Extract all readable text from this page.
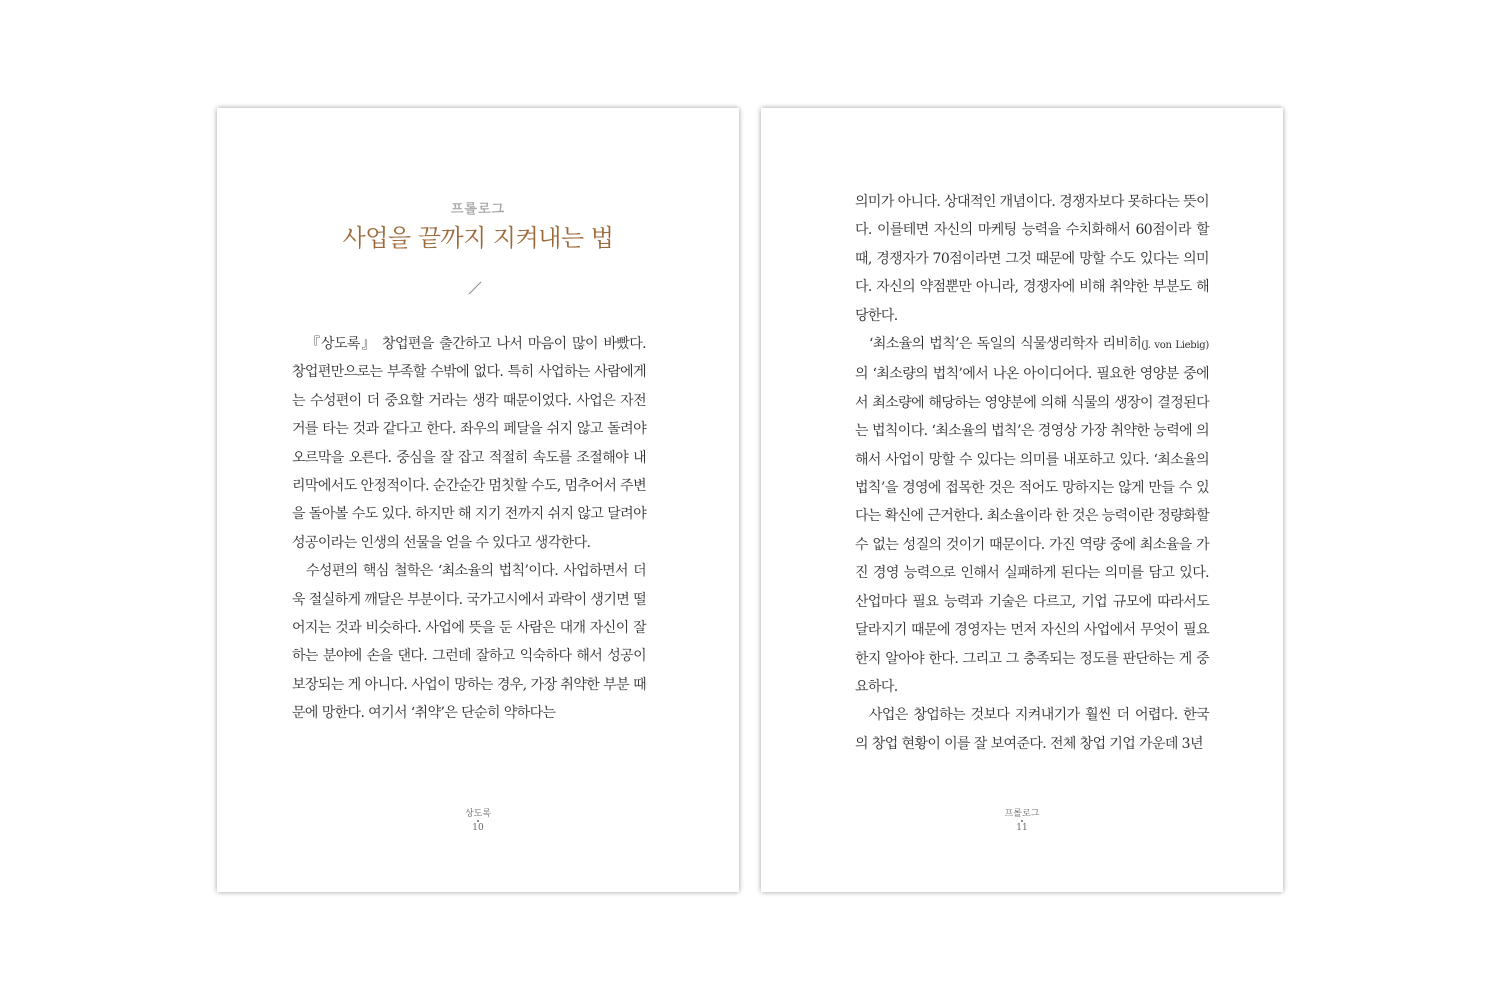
프롤로그
사업을 끝까지 지켜내는 법

『상도록』 창업편을 출간하고 나서 마음이 많이 바빴다. 창업편만으로는 부족할 수밖에 없다. 특히 사업하는 사람에게는 수성편이 더 중요할 거라는 생각 때문이었다. 사업은 자전거를 타는 것과 같다고 한다. 좌우의 페달을 쉬지 않고 돌려야 오르막을 오른다. 중심을 잘 잡고 적절히 속도를 조절해야 내리막에서도 안정적이다. 순간순간 멈칫할 수도, 멈추어서 주변을 돌아볼 수도 있다. 하지만 해 지기 전까지 쉬지 않고 달려야 성공이라는 인생의 선물을 얻을 수 있다고 생각한다.

수성편의 핵심 철학은 ‘최소율의 법칙’이다. 사업하면서 더욱 절실하게 깨달은 부분이다. 국가고시에서 과락이 생기면 떨어지는 것과 비슷하다. 사업에 뜻을 둔 사람은 대개 자신이 잘하는 분야에 손을 댄다. 그런데 잘하고 익숙하다 해서 성공이 보장되는 게 아니다. 사업이 망하는 경우, 가장 취약한 부분 때문에 망한다. 여기서 ‘취약’은 단순히 약하다는

상도록
10

의미가 아니다. 상대적인 개념이다. 경쟁자보다 못하다는 뜻이다. 이를테면 자신의 마케팅 능력을 수치화해서 60점이라 할 때, 경쟁자가 70점이라면 그것 때문에 망할 수도 있다는 의미다. 자신의 약점뿐만 아니라, 경쟁자에 비해 취약한 부분도 해당한다.

‘최소율의 법칙’은 독일의 식물생리학자 리비히(J. von Liebig)의 ‘최소량의 법칙’에서 나온 아이디어다. 필요한 영양분 중에서 최소량에 해당하는 영양분에 의해 식물의 생장이 결정된다는 법칙이다. ‘최소율의 법칙’은 경영상 가장 취약한 능력에 의해서 사업이 망할 수 있다는 의미를 내포하고 있다. ‘최소율의 법칙’을 경영에 접목한 것은 적어도 망하지는 않게 만들 수 있다는 확신에 근거한다. 최소율이라 한 것은 능력이란 정량화할 수 없는 성질의 것이기 때문이다. 가진 역량 중에 최소율을 가진 경영 능력으로 인해서 실패하게 된다는 의미를 담고 있다. 산업마다 필요 능력과 기술은 다르고, 기업 규모에 따라서도 달라지기 때문에 경영자는 먼저 자신의 사업에서 무엇이 필요한지 알아야 한다. 그리고 그 충족되는 정도를 판단하는 게 중요하다.

사업은 창업하는 것보다 지켜내기가 훨씬 더 어렵다. 한국의 창업 현황이 이를 잘 보여준다. 전체 창업 기업 가운데 3년

프롤로그
11
